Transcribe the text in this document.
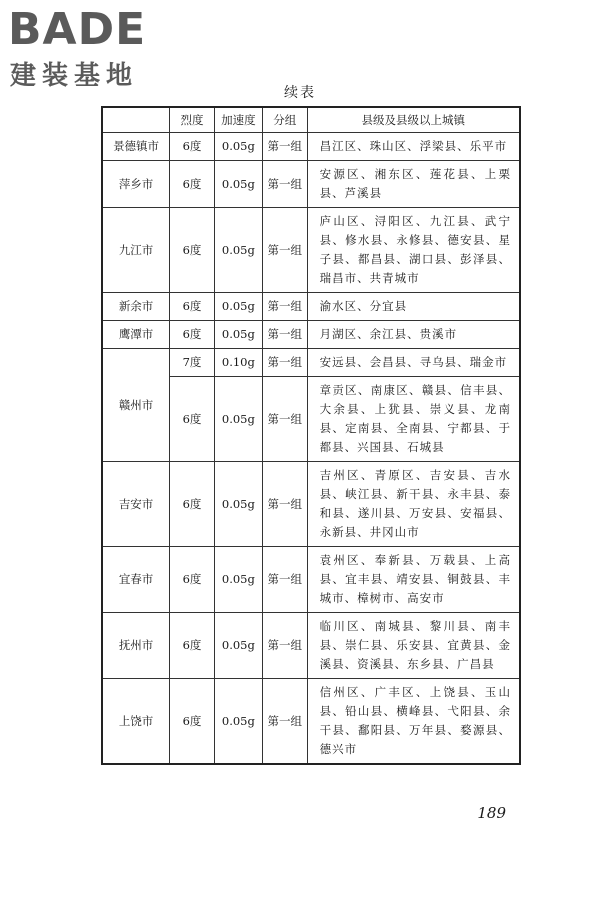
BADE
建装基地
续表
	烈度	加速度	分组	县级及县级以上城镇
景德镇市	6度	0.05g	第一组	昌江区、珠山区、浮梁县、乐平市
萍乡市	6度	0.05g	第一组	安源区、湘东区、莲花县、上栗县、芦溪县
九江市	6度	0.05g	第一组	庐山区、浔阳区、九江县、武宁县、修水县、永修县、德安县、星子县、都昌县、湖口县、彭泽县、瑞昌市、共青城市
新余市	6度	0.05g	第一组	渝水区、分宜县
鹰潭市	6度	0.05g	第一组	月湖区、余江县、贵溪市
赣州市	7度	0.10g	第一组	安远县、会昌县、寻乌县、瑞金市
	6度	0.05g	第一组	章贡区、南康区、赣县、信丰县、大余县、上犹县、崇义县、龙南县、定南县、全南县、宁都县、于都县、兴国县、石城县
吉安市	6度	0.05g	第一组	吉州区、青原区、吉安县、吉水县、峡江县、新干县、永丰县、泰和县、遂川县、万安县、安福县、永新县、井冈山市
宜春市	6度	0.05g	第一组	袁州区、奉新县、万载县、上高县、宜丰县、靖安县、铜鼓县、丰城市、樟树市、高安市
抚州市	6度	0.05g	第一组	临川区、南城县、黎川县、南丰县、崇仁县、乐安县、宜黄县、金溪县、资溪县、东乡县、广昌县
上饶市	6度	0.05g	第一组	信州区、广丰区、上饶县、玉山县、铅山县、横峰县、弋阳县、余干县、鄱阳县、万年县、婺源县、德兴市
189
